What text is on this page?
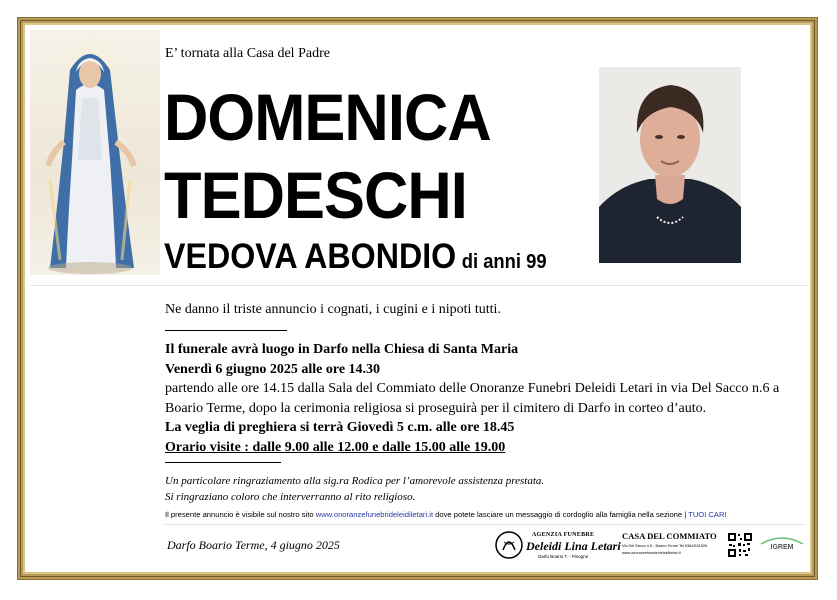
E’ tornata alla Casa del Padre
DOMENICA
TEDESCHI
VEDOVA ABONDIO di anni 99
Ne danno il triste annuncio i cognati, i cugini e i nipoti tutti.
Il funerale avrà luogo in Darfo nella Chiesa di Santa Maria
Venerdì 6 giugno 2025 alle ore 14.30
partendo alle ore 14.15 dalla Sala del Commiato delle Onoranze Funebri Deleidi Letari in via Del Sacco n.6 a Boario Terme, dopo la cerimonia religiosa si proseguirà per il cimitero di Darfo in corteo d’auto.
La veglia di preghiera si terrà Giovedì 5 c.m. alle ore 18.45
Orario visite : dalle 9.00 alle 12.00 e dalle 15.00 alle 19.00
Un particolare ringraziamento alla sig.ra Rodica per l’amorevole assistenza prestata.
Si ringraziano coloro che interverranno al rito religioso.
Il presente annuncio è visibile sul nostro sito www.onoranzefunebrideleidiletari.it dove potete lasciare un messaggio di cordoglio alla famiglia nella sezione | TUOI CARI
Darfo Boario Terme, 4 giugno 2025
AGENZIA FUNEBRE
Deleidi Lina Letari
Darfo Boario T. - Pisogne
CASA DEL COMMIATO
Via Del Sacco n.6 - Boario Terme Tel.0364/531526
www.onoranzefunebrideleidiletari.it
IGREM
